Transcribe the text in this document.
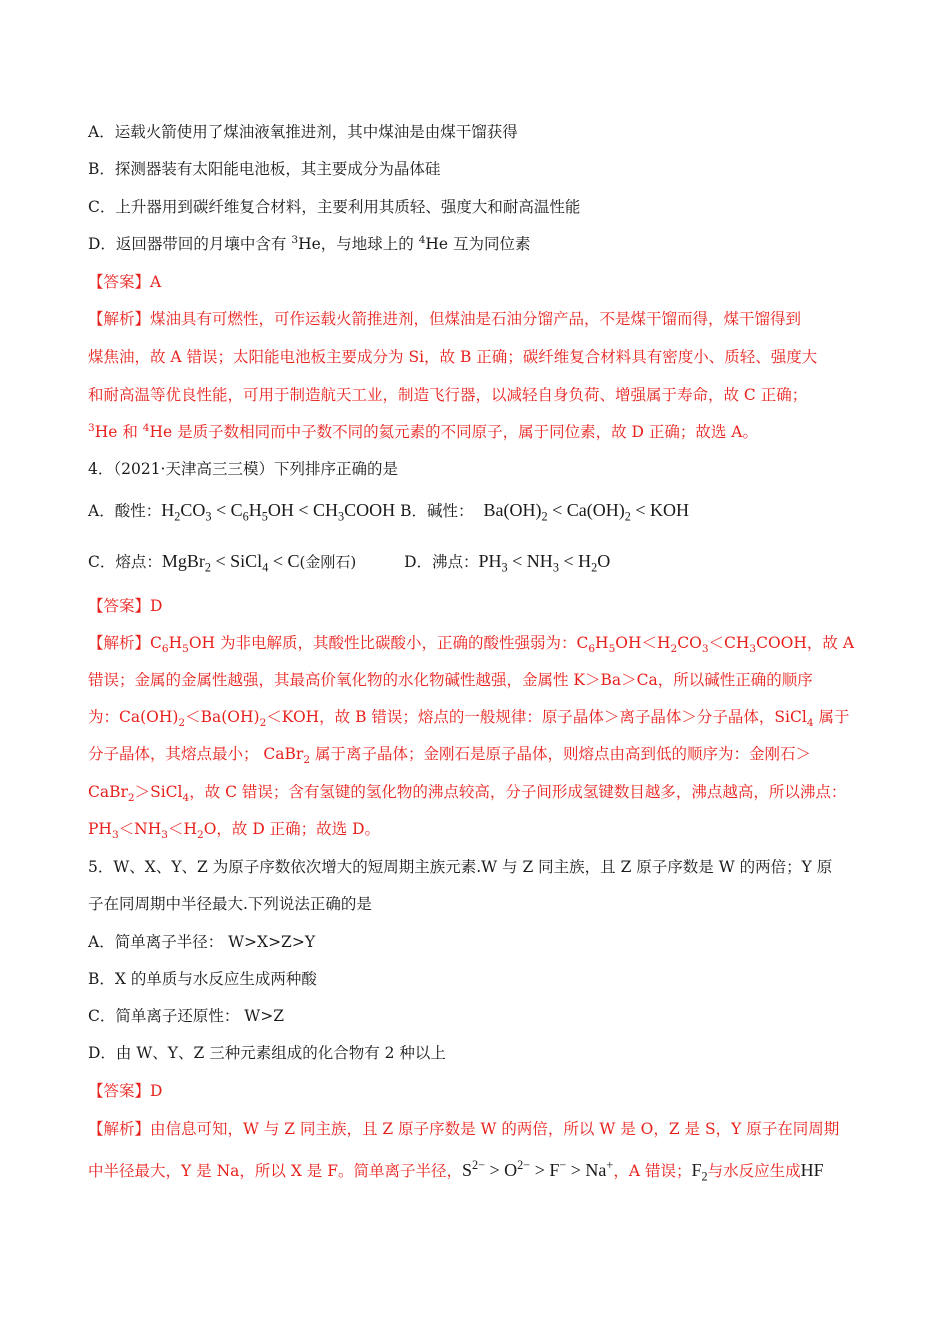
A．运载火箭使用了煤油液氧推进剂，其中煤油是由煤干馏获得
B．探测器装有太阳能电池板，其主要成分为晶体硅
C．上升器用到碳纤维复合材料，主要利用其质轻、强度大和耐高温性能
D．返回器带回的月壤中含有 $^3$He，与地球上的 $^4$He 互为同位素
【答案】A
【解析】煤油具有可燃性，可作运载火箭推进剂，但煤油是石油分馏产品，不是煤干馏而得，煤干馏得到
煤焦油，故 A 错误；太阳能电池板主要成分为 Si，故 B 正确；碳纤维复合材料具有密度小、质轻、强度大
和耐高温等优良性能，可用于制造航天工业，制造飞行器，以减轻自身负荷、增强属于寿命，故 C 正确；
$^3$He 和 $^4$He 是质子数相同而中子数不同的氦元素的不同原子，属于同位素，故 D 正确；故选 A。
4．（2021·天津高三三模）下列排序正确的是
A．酸性：$H_2CO_3 < C_6H_5OH$ < $CH_3COOH$ B．碱性： $Ba(OH)_2 < Ca(OH)_2$ < KOH
C．熔点：MgBr$_2$ < SiCl$_4$ < C(金刚石)	D．沸点：$PH_3 < NH_3 < H_2O$
【答案】D
【解析】$C_6H_5OH$ 为非电解质，其酸性比碳酸小，正确的酸性强弱为：$C_6H_5OH<H_2CO_3<CH_3COOH$，故 A
错误；金属的金属性越强，其最高价氧化物的水化物碱性越强，金属性 K＞Ba＞Ca，所以碱性正确的顺序
为：$Ca(OH)_2<Ba(OH)_2<KOH$，故 B 错误；熔点的一般规律：原子晶体＞离子晶体＞分子晶体，SiCl$_4$ 属于
分子晶体，其熔点最小； CaBr$_2$ 属于离子晶体；金刚石是原子晶体，则熔点由高到低的顺序为：金刚石＞
CaBr$_2$＞SiCl$_4$，故 C 错误；含有氢键的氢化物的沸点较高，分子间形成氢键数目越多，沸点越高，所以沸点：
$PH_3<NH_3<H_2O$，故 D 正确；故选 D。
5．W、X、Y、Z 为原子序数依次增大的短周期主族元素.W 与 Z 同主族，且 Z 原子序数是 W 的两倍；Y 原
子在同周期中半径最大.下列说法正确的是
A．简单离子半径： W>X>Z>Y
B．X 的单质与水反应生成两种酸
C．简单离子还原性： W>Z
D．由 W、Y、Z 三种元素组成的化合物有 2 种以上
【答案】D
【解析】由信息可知，W 与 Z 同主族，且 Z 原子序数是 W 的两倍，所以 W 是 O，Z 是 S，Y 原子在同周期
中半径最大，Y 是 Na，所以 X 是 F。简单离子半径，$S^{2-} > O^{2-} > F^- > Na^+$，A 错误；$F_2$与水反应生成HF
